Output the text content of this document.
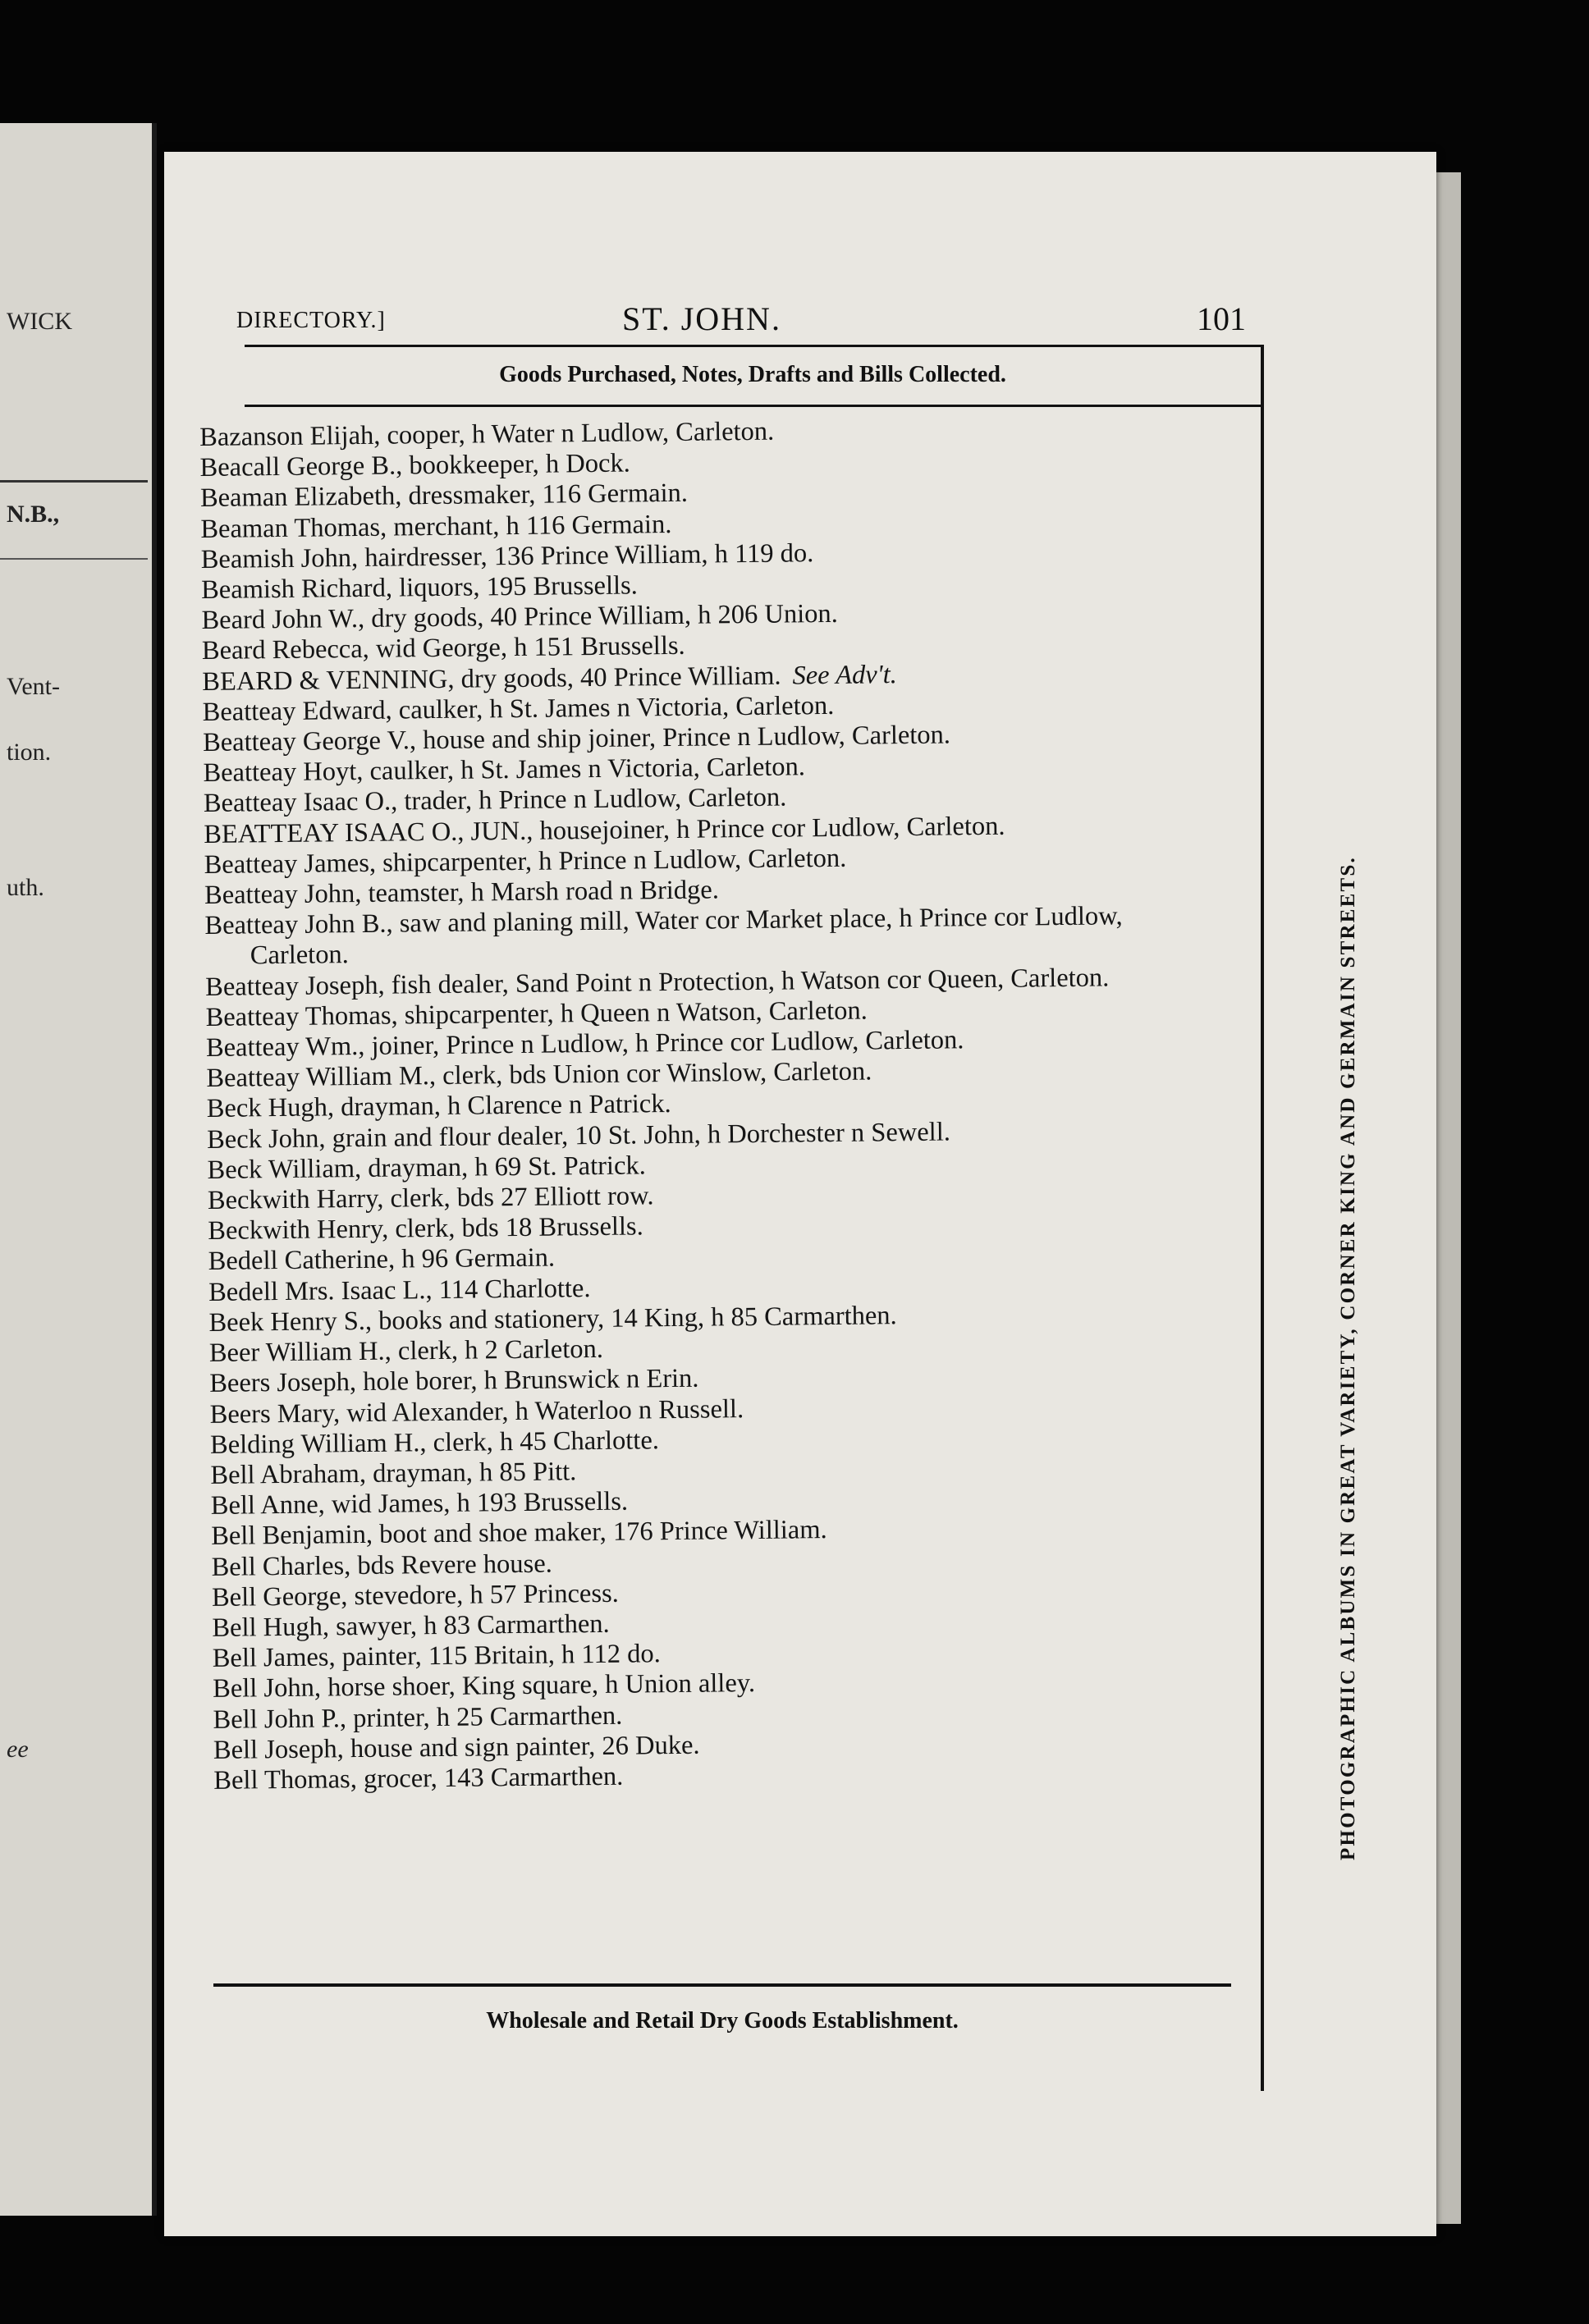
WICK
N.B.,
Vent-
tion.
uth.
ee
DIRECTORY.]	ST. JOHN.	101
Goods Purchased, Notes, Drafts and Bills Collected.

Bazanson Elijah, cooper, h Water n Ludlow, Carleton.

Beacall George B., bookkeeper, h Dock.

Beaman Elizabeth, dressmaker, 116 Germain.

Beaman Thomas, merchant, h 116 Germain.

Beamish John, hairdresser, 136 Prince William, h 119 do.

Beamish Richard, liquors, 195 Brussells.

Beard John W., dry goods, 40 Prince William, h 206 Union.

Beard Rebecca, wid George, h 151 Brussells.

BEARD & VENNING, dry goods, 40 Prince William. See Adv't.

Beatteay Edward, caulker, h St. James n Victoria, Carleton.

Beatteay George V., house and ship joiner, Prince n Ludlow, Carleton.

Beatteay Hoyt, caulker, h St. James n Victoria, Carleton.

Beatteay Isaac O., trader, h Prince n Ludlow, Carleton.

BEATTEAY ISAAC O., JUN., housejoiner, h Prince cor Ludlow, Carleton.

Beatteay James, shipcarpenter, h Prince n Ludlow, Carleton.

Beatteay John, teamster, h Marsh road n Bridge.

Beatteay John B., saw and planing mill, Water cor Market place, h Prince cor Ludlow, Carleton.

Beatteay Joseph, fish dealer, Sand Point n Protection, h Watson cor Queen, Carleton.

Beatteay Thomas, shipcarpenter, h Queen n Watson, Carleton.

Beatteay Wm., joiner, Prince n Ludlow, h Prince cor Ludlow, Carleton.

Beatteay William M., clerk, bds Union cor Winslow, Carleton.

Beck Hugh, drayman, h Clarence n Patrick.

Beck John, grain and flour dealer, 10 St. John, h Dorchester n Sewell.

Beck William, drayman, h 69 St. Patrick.

Beckwith Harry, clerk, bds 27 Elliott row.

Beckwith Henry, clerk, bds 18 Brussells.

Bedell Catherine, h 96 Germain.

Bedell Mrs. Isaac L., 114 Charlotte.

Beek Henry S., books and stationery, 14 King, h 85 Carmarthen.

Beer William H., clerk, h 2 Carleton.

Beers Joseph, hole borer, h Brunswick n Erin.

Beers Mary, wid Alexander, h Waterloo n Russell.

Belding William H., clerk, h 45 Charlotte.

Bell Abraham, drayman, h 85 Pitt.

Bell Anne, wid James, h 193 Brussells.

Bell Benjamin, boot and shoe maker, 176 Prince William.

Bell Charles, bds Revere house.

Bell George, stevedore, h 57 Princess.

Bell Hugh, sawyer, h 83 Carmarthen.

Bell James, painter, 115 Britain, h 112 do.

Bell John, horse shoer, King square, h Union alley.

Bell John P., printer, h 25 Carmarthen.

Bell Joseph, house and sign painter, 26 Duke.

Bell Thomas, grocer, 143 Carmarthen.	PHOTOGRAPHIC ALBUMS IN GREAT VARIETY, CORNER KING AND GERMAIN STREETS.
Wholesale and Retail Dry Goods Establishment.
